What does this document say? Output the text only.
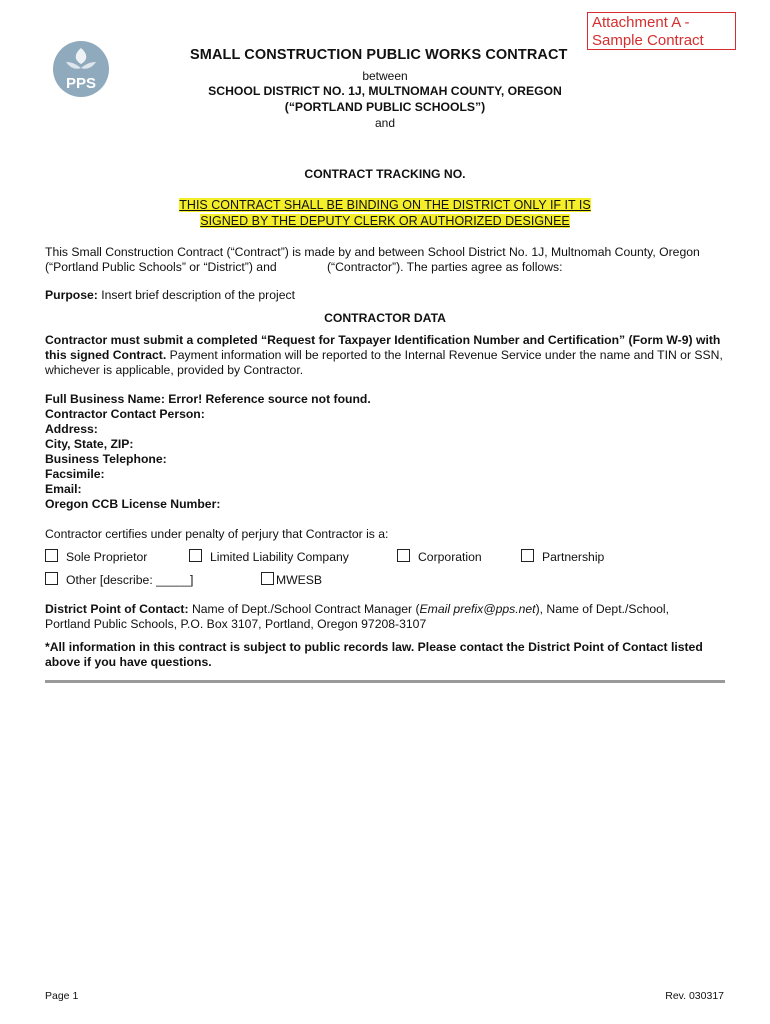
Attachment A -
Sample Contract
PPS
SMALL CONSTRUCTION PUBLIC WORKS CONTRACT
between
SCHOOL DISTRICT NO. 1J, MULTNOMAH COUNTY, OREGON
(“PORTLAND PUBLIC SCHOOLS”)
and
CONTRACT TRACKING NO.
THIS CONTRACT SHALL BE BINDING ON THE DISTRICT ONLY IF IT IS
SIGNED BY THE DEPUTY CLERK OR AUTHORIZED DESIGNEE
This Small Construction Contract (“Contract”) is made by and between School District No. 1J, Multnomah County, Oregon
(“Portland Public Schools” or “District”) and	(“Contractor”). The parties agree as follows:
Purpose: Insert brief description of the project
CONTRACTOR DATA
Contractor must submit a completed “Request for Taxpayer Identification Number and Certification” (Form W-9) with this signed Contract. Payment information will be reported to the Internal Revenue Service under the name and TIN or SSN, whichever is applicable, provided by Contractor.
Full Business Name: Error! Reference source not found.
Contractor Contact Person:
Address:
City, State, ZIP:
Business Telephone:
Facsimile:
Email:
Oregon CCB License Number:
Contractor certifies under penalty of perjury that Contractor is a:
Sole Proprietor	Limited Liability Company	Corporation	Partnership
Other [describe: _____]	MWESB
District Point of Contact: Name of Dept./School Contract Manager (Email prefix@pps.net), Name of Dept./School,
Portland Public Schools, P.O. Box 3107, Portland, Oregon 97208-3107
*All information in this contract is subject to public records law. Please contact the District Point of Contact listed above if you have questions.
Page 1	Rev. 030317
